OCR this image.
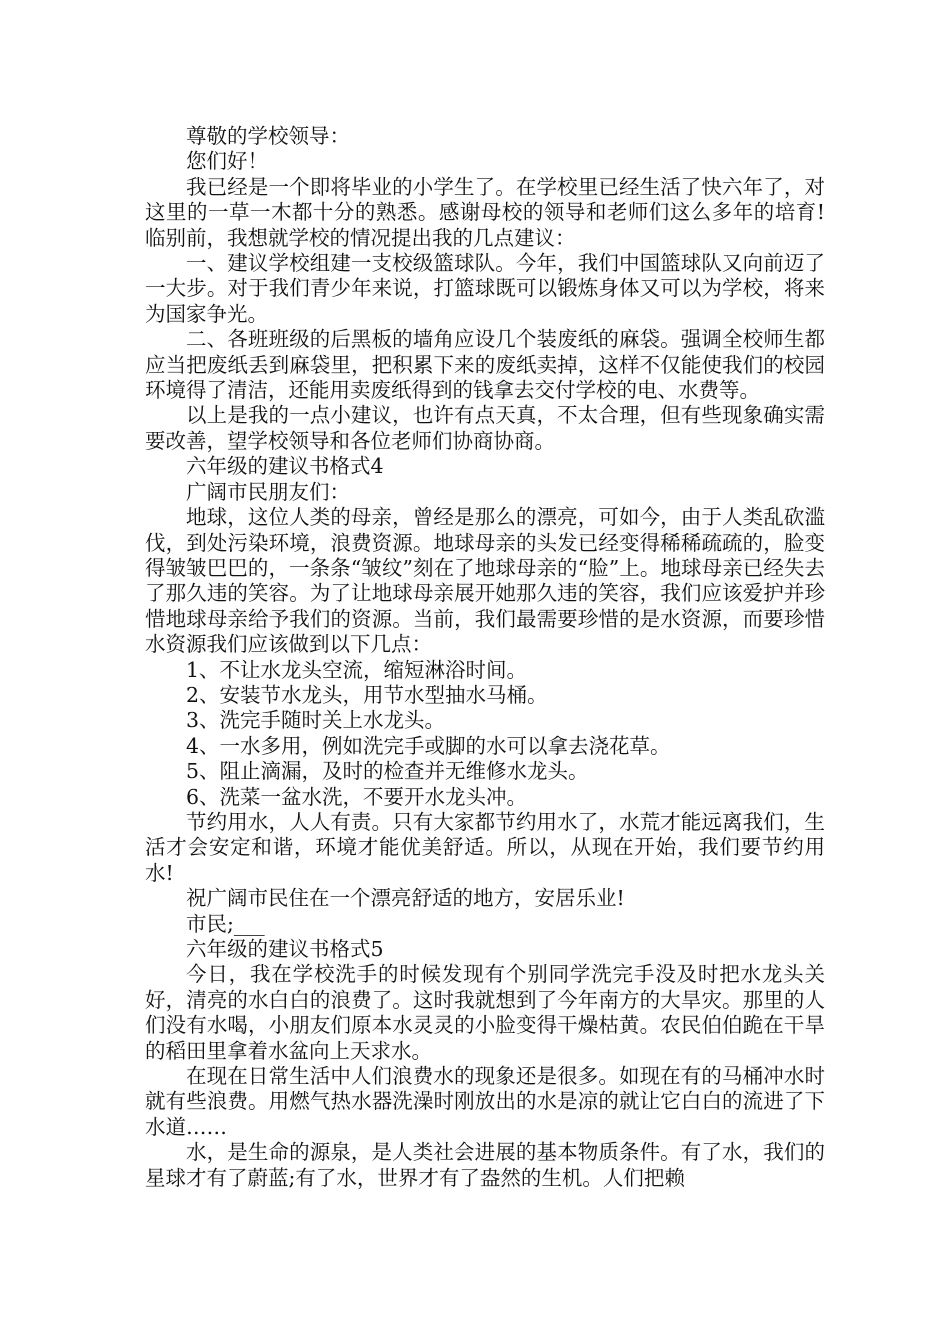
尊敬的学校领导：

您们好！

我已经是一个即将毕业的小学生了。在学校里已经生活了快六年了，对这里的一草一木都十分的熟悉。感谢母校的领导和老师们这么多年的培育!临别前，我想就学校的情况提出我的几点建议：

一、建议学校组建一支校级篮球队。今年，我们中国篮球队又向前迈了一大步。对于我们青少年来说，打篮球既可以锻炼身体又可以为学校，将来为国家争光。

二、各班班级的后黑板的墙角应设几个装废纸的麻袋。强调全校师生都应当把废纸丢到麻袋里，把积累下来的废纸卖掉，这样不仅能使我们的校园环境得了清洁，还能用卖废纸得到的钱拿去交付学校的电、水费等。

以上是我的一点小建议，也许有点天真，不太合理，但有些现象确实需要改善，望学校领导和各位老师们协商协商。

六年级的建议书格式4

广阔市民朋友们：

地球，这位人类的母亲，曾经是那么的漂亮，可如今，由于人类乱砍滥伐，到处污染环境，浪费资源。地球母亲的头发已经变得稀稀疏疏的，脸变得皱皱巴巴的，一条条“皱纹”刻在了地球母亲的“脸”上。地球母亲已经失去了那久违的笑容。为了让地球母亲展开她那久违的笑容，我们应该爱护并珍惜地球母亲给予我们的资源。当前，我们最需要珍惜的是水资源，而要珍惜水资源我们应该做到以下几点：

1、不让水龙头空流，缩短淋浴时间。

2、安装节水龙头，用节水型抽水马桶。

3、洗完手随时关上水龙头。

4、一水多用，例如洗完手或脚的水可以拿去浇花草。

5、阻止滴漏，及时的检查并无维修水龙头。

6、洗菜一盆水洗，不要开水龙头冲。

节约用水，人人有责。只有大家都节约用水了，水荒才能远离我们，生活才会安定和谐，环境才能优美舒适。所以，从现在开始，我们要节约用水!

祝广阔市民住在一个漂亮舒适的地方，安居乐业!

市民;___

六年级的建议书格式5

今日，我在学校洗手的时候发现有个别同学洗完手没及时把水龙头关好，清亮的水白白的浪费了。这时我就想到了今年南方的大旱灾。那里的人们没有水喝，小朋友们原本水灵灵的小脸变得干燥枯黄。农民伯伯跪在干旱的稻田里拿着水盆向上天求水。

在现在日常生活中人们浪费水的现象还是很多。如现在有的马桶冲水时就有些浪费。用燃气热水器洗澡时刚放出的水是凉的就让它白白的流进了下水道……

水，是生命的源泉，是人类社会进展的基本物质条件。有了水，我们的星球才有了蔚蓝;有了水，世界才有了盎然的生机。人们把赖
